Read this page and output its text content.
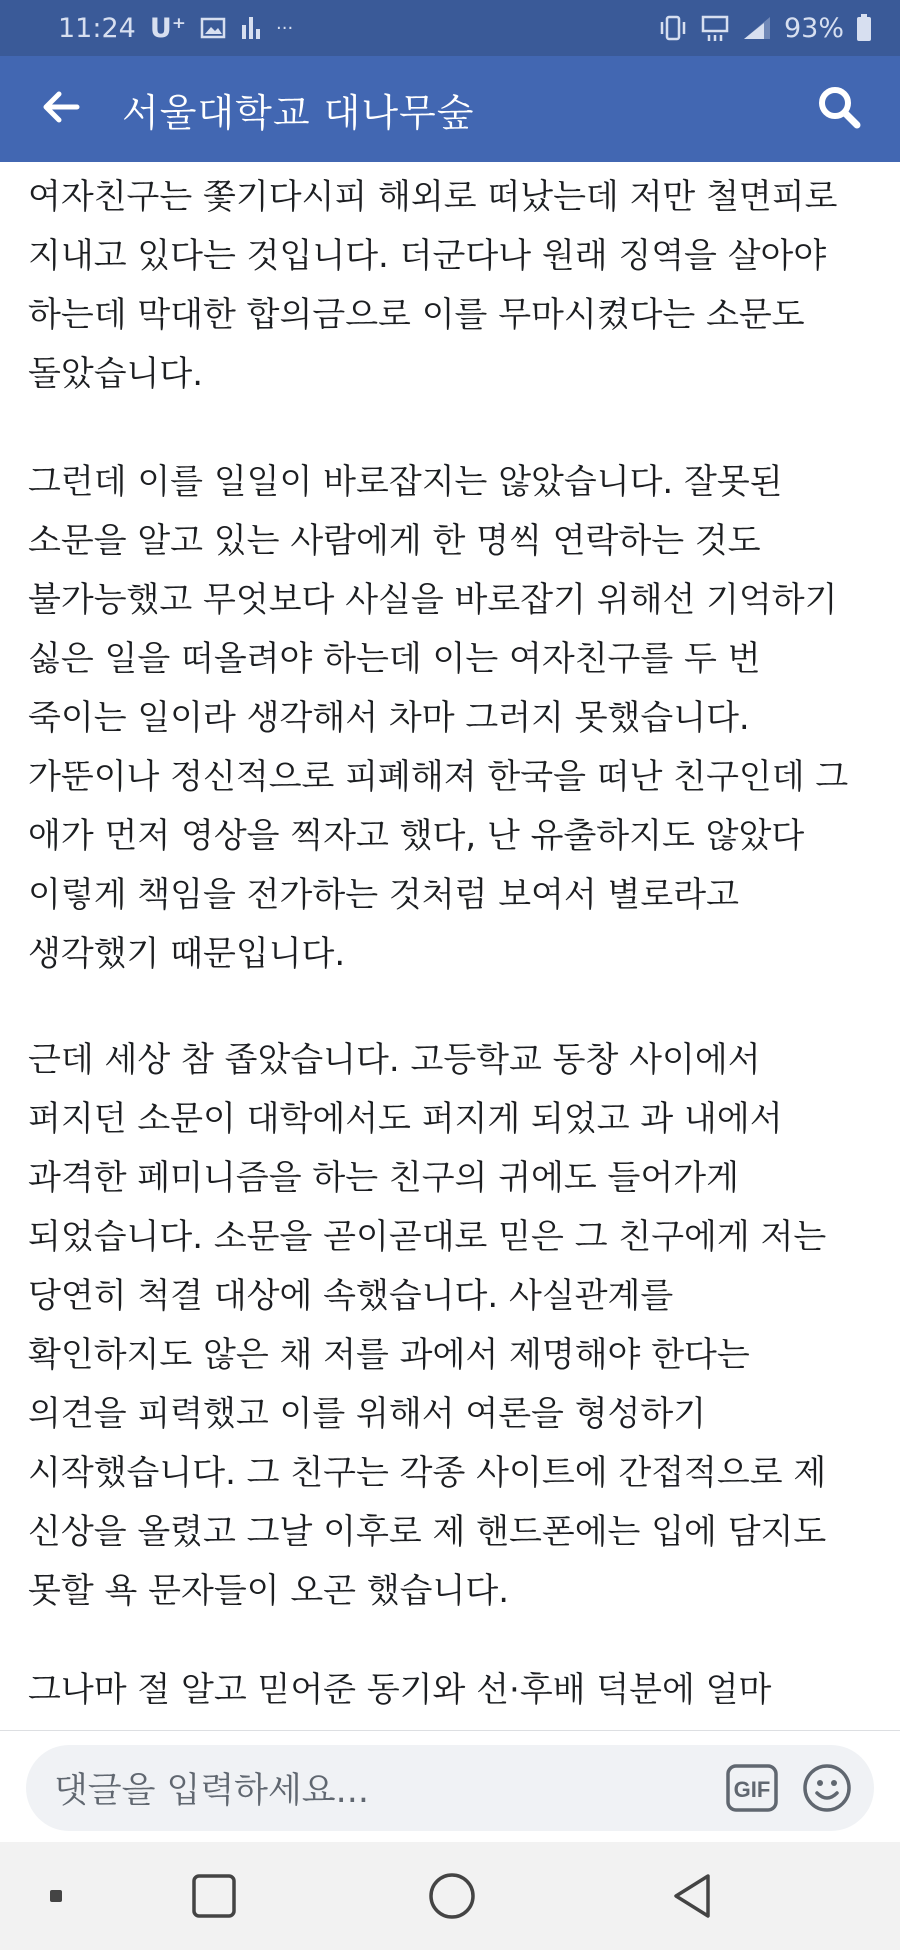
11:24 U⁺	···	93%
서울대학교 대나무숲
여자친구는 쫓기다시피 해외로 떠났는데 저만 철면피로
지내고 있다는 것입니다. 더군다나 원래 징역을 살아야
하는데 막대한 합의금으로 이를 무마시켰다는 소문도
돌았습니다.
그런데 이를 일일이 바로잡지는 않았습니다. 잘못된
소문을 알고 있는 사람에게 한 명씩 연락하는 것도
불가능했고 무엇보다 사실을 바로잡기 위해선 기억하기
싫은 일을 떠올려야 하는데 이는 여자친구를 두 번
죽이는 일이라 생각해서 차마 그러지 못했습니다.
가뚠이나 정신적으로 피폐해져 한국을 떠난 친구인데 그
애가 먼저 영상을 찍자고 했다, 난 유출하지도 않았다
이렇게 책임을 전가하는 것처럼 보여서 별로라고
생각했기 때문입니다.
근데 세상 참 좁았습니다. 고등학교 동창 사이에서
퍼지던 소문이 대학에서도 퍼지게 되었고 과 내에서
과격한 페미니즘을 하는 친구의 귀에도 들어가게
되었습니다. 소문을 곧이곧대로 믿은 그 친구에게 저는
당연히 척결 대상에 속했습니다. 사실관계를
확인하지도 않은 채 저를 과에서 제명해야 한다는
의견을 피력했고 이를 위해서 여론을 형성하기
시작했습니다. 그 친구는 각종 사이트에 간접적으로 제
신상을 올렸고 그날 이후로 제 핸드폰에는 입에 담지도
못할 욕 문자들이 오곤 했습니다.
그나마 절 알고 믿어준 동기와 선·후배 덕분에 얼마
댓글을 입력하세요...	GIF
